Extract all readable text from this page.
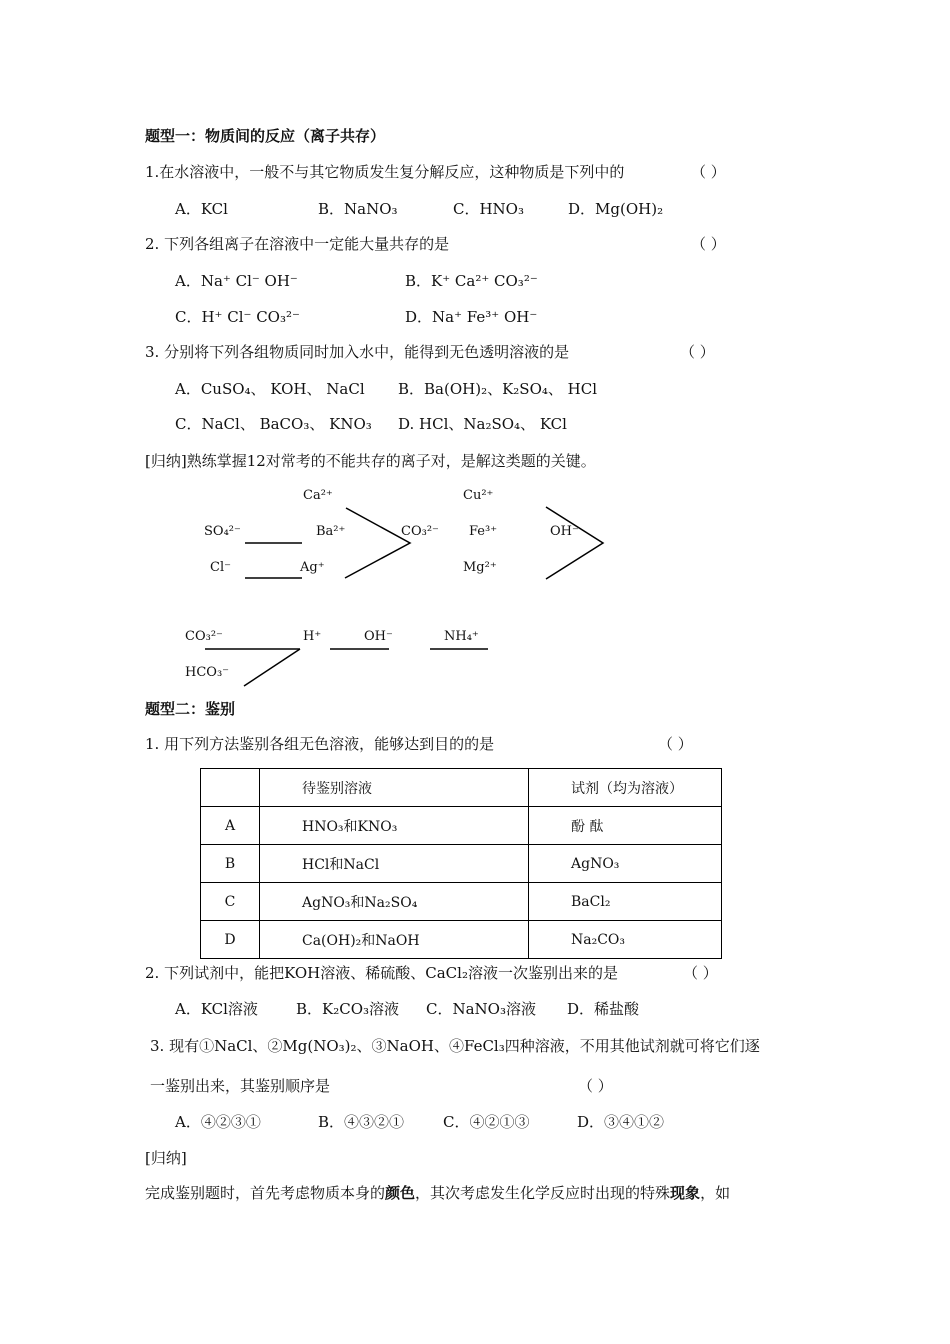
题型一：物质间的反应（离子共存）
1.在水溶液中，一般不与其它物质发生复分解反应，这种物质是下列中的	（ ）
A．KCl	B．NaNO₃	C．HNO₃	D．Mg(OH)₂
2. 下列各组离子在溶液中一定能大量共存的是	（ ）
A．Na⁺ Cl⁻ OH⁻	B．K⁺ Ca²⁺ CO₃²⁻
C．H⁺ Cl⁻ CO₃²⁻	D．Na⁺ Fe³⁺ OH⁻
3. 分别将下列各组物质同时加入水中，能得到无色透明溶液的是	（ ）
A．CuSO₄、 KOH、 NaCl B．Ba(OH)₂、K₂SO₄、 HCl
C．NaCl、 BaCO₃、 KNO₃ D. HCl、Na₂SO₄、 KCl
[归纳]熟练掌握12对常考的不能共存的离子对，是解这类题的关键。
Ca²⁺
SO₄²⁻	Ba²⁺	CO₃²⁻
Cl⁻	Ag⁺
Cu²⁺
Fe³⁺
Mg²⁺
OH⁻
CO₃²⁻
HCO₃⁻
H⁺	OH⁻	NH₄⁺
题型二：鉴别
1. 用下列方法鉴别各组无色溶液，能够达到目的的是	（ ）
	待鉴别溶液	试剂（均为溶液）
A	HNO₃和KNO₃	酚 酞
B	HCl和NaCl	AgNO₃
C	AgNO₃和Na₂SO₄	BaCl₂
D	Ca(OH)₂和NaOH	Na₂CO₃
2. 下列试剂中，能把KOH溶液、稀硫酸、CaCl₂溶液一次鉴别出来的是	（ ）
A．KCl溶液	B．K₂CO₃溶液 C．NaNO₃溶液 D．稀盐酸
3. 现有①NaCl、②Mg(NO₃)₂、③NaOH、④FeCl₃四种溶液，不用其他试剂就可将它们逐
一鉴别出来，其鉴别顺序是	（ ）
A．④②③①	B．④③②①	C．④②①③	D．③④①②
[归纳]
完成鉴别题时，首先考虑物质本身的颜色，其次考虑发生化学反应时出现的特殊现象，如
